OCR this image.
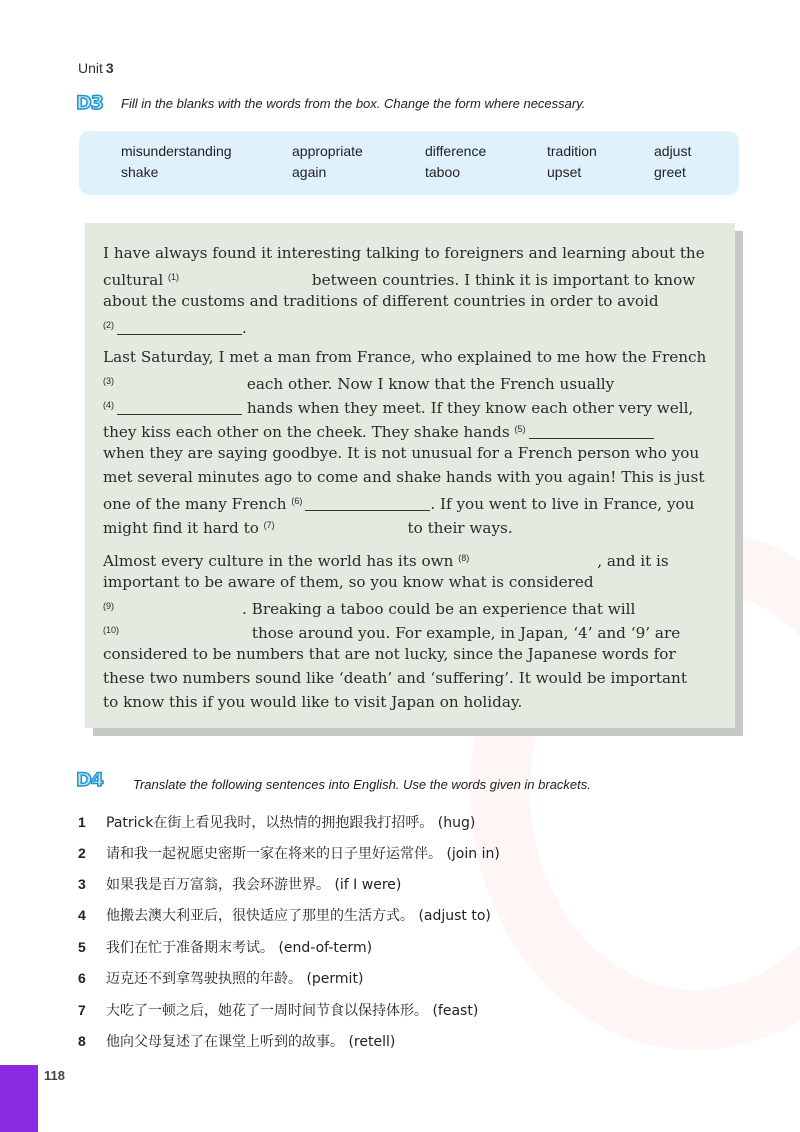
Unit 3
D3 Fill in the blanks with the words from the box. Change the form where necessary.
misunderstanding	appropriate	difference	tradition	adjust
shake	again	taboo	upset	greet
I have always found it interesting talking to foreigners and learning about the
cultural $^{(1)}$	between countries. I think it is important to know
about the customs and traditions of different countries in order to avoid
$^{(2)}$	.
Last Saturday, I met a man from France, who explained to me how the French
$^{(3)}$	each other. Now I know that the French usually
$^{(4)}$	hands when they meet. If they know each other very well,
they kiss each other on the cheek. They shake hands $^{(5)}$
when they are saying goodbye. It is not unusual for a French person who you
met several minutes ago to come and shake hands with you again! This is just
one of the many French $^{(6)}$	. If you went to live in France, you
might find it hard to $^{(7)}$	to their ways.
Almost every culture in the world has its own $^{(8)}$	, and it is
important to be aware of them, so you know what is considered
$^{(9)}$	. Breaking a taboo could be an experience that will
$^{(10)}$	those around you. For example, in Japan, ‘4’ and ‘9’ are
considered to be numbers that are not lucky, since the Japanese words for
these two numbers sound like ‘death’ and ‘suffering’. It would be important
to know this if you would like to visit Japan on holiday.
D4 Translate the following sentences into English. Use the words given in brackets.
1 Patrick在街上看见我时，以热情的拥抱跟我打招呼。 (hug)
2 请和我一起祝愿史密斯一家在将来的日子里好运常伴。 (join in)
3 如果我是百万富翁，我会环游世界。 (if I were)
4 他搬去澳大利亚后，很快适应了那里的生活方式。 (adjust to)
5 我们在忙于准备期末考试。 (end-of-term)
6 迈克还不到拿驾驶执照的年龄。 (permit)
7 大吃了一顿之后，她花了一周时间节食以保持体形。 (feast)
8 他向父母复述了在课堂上听到的故事。 (retell)
118
